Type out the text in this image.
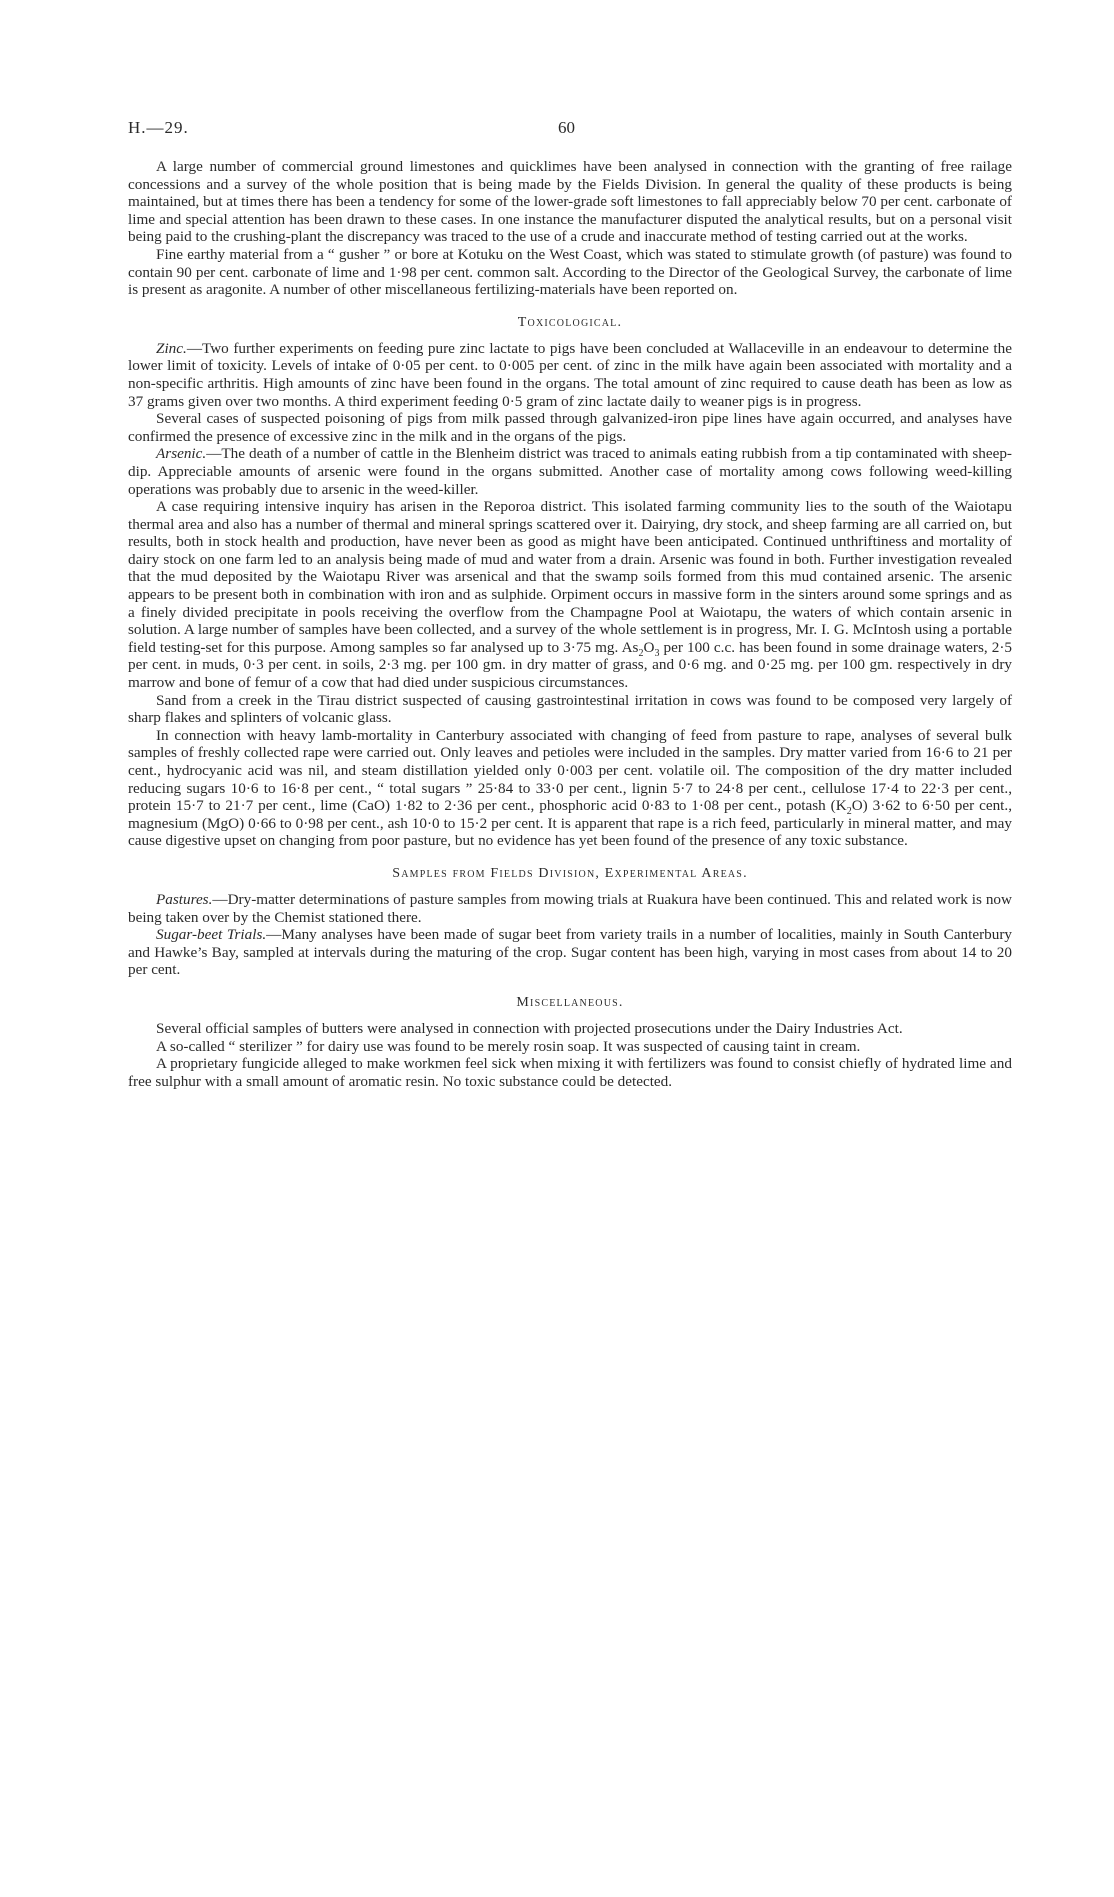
H.—29.	60

A large number of commercial ground limestones and quicklimes have been analysed in connection with the granting of free railage concessions and a survey of the whole position that is being made by the Fields Division. In general the quality of these products is being maintained, but at times there has been a tendency for some of the lower-grade soft limestones to fall appreciably below 70 per cent. carbonate of lime and special attention has been drawn to these cases. In one instance the manufacturer disputed the analytical results, but on a personal visit being paid to the crushing-plant the discrepancy was traced to the use of a crude and inaccurate method of testing carried out at the works.

Fine earthy material from a “ gusher ” or bore at Kotuku on the West Coast, which was stated to stimulate growth (of pasture) was found to contain 90 per cent. carbonate of lime and 1·98 per cent. common salt. According to the Director of the Geological Survey, the carbonate of lime is present as aragonite. A number of other miscellaneous fertilizing-materials have been reported on.

Toxicological.

Zinc.—Two further experiments on feeding pure zinc lactate to pigs have been concluded at Wallaceville in an endeavour to determine the lower limit of toxicity. Levels of intake of 0·05 per cent. to 0·005 per cent. of zinc in the milk have again been associated with mortality and a non-specific arthritis. High amounts of zinc have been found in the organs. The total amount of zinc required to cause death has been as low as 37 grams given over two months. A third experiment feeding 0·5 gram of zinc lactate daily to weaner pigs is in progress.

Several cases of suspected poisoning of pigs from milk passed through galvanized-iron pipe lines have again occurred, and analyses have confirmed the presence of excessive zinc in the milk and in the organs of the pigs.

Arsenic.—The death of a number of cattle in the Blenheim district was traced to animals eating rubbish from a tip contaminated with sheep-dip. Appreciable amounts of arsenic were found in the organs submitted. Another case of mortality among cows following weed-killing operations was probably due to arsenic in the weed-killer.

A case requiring intensive inquiry has arisen in the Reporoa district. This isolated farming community lies to the south of the Waiotapu thermal area and also has a number of thermal and mineral springs scattered over it. Dairying, dry stock, and sheep farming are all carried on, but results, both in stock health and production, have never been as good as might have been anticipated. Continued unthriftiness and mortality of dairy stock on one farm led to an analysis being made of mud and water from a drain. Arsenic was found in both. Further investigation revealed that the mud deposited by the Waiotapu River was arsenical and that the swamp soils formed from this mud contained arsenic. The arsenic appears to be present both in combination with iron and as sulphide. Orpiment occurs in massive form in the sinters around some springs and as a finely divided precipitate in pools receiving the overflow from the Champagne Pool at Waiotapu, the waters of which contain arsenic in solution. A large number of samples have been collected, and a survey of the whole settlement is in progress, Mr. I. G. McIntosh using a portable field testing-set for this purpose. Among samples so far analysed up to 3·75 mg. $As_2O_3$ per 100 c.c. has been found in some drainage waters, 2·5 per cent. in muds, 0·3 per cent. in soils, 2·3 mg. per 100 gm. in dry matter of grass, and 0·6 mg. and 0·25 mg. per 100 gm. respectively in dry marrow and bone of femur of a cow that had died under suspicious circumstances.

Sand from a creek in the Tirau district suspected of causing gastrointestinal irritation in cows was found to be composed very largely of sharp flakes and splinters of volcanic glass.

In connection with heavy lamb-mortality in Canterbury associated with changing of feed from pasture to rape, analyses of several bulk samples of freshly collected rape were carried out. Only leaves and petioles were included in the samples. Dry matter varied from 16·6 to 21 per cent., hydrocyanic acid was nil, and steam distillation yielded only 0·003 per cent. volatile oil. The composition of the dry matter included reducing sugars 10·6 to 16·8 per cent., “ total sugars ” 25·84 to 33·0 per cent., lignin 5·7 to 24·8 per cent., cellulose 17·4 to 22·3 per cent., protein 15·7 to 21·7 per cent., lime (CaO) 1·82 to 2·36 per cent., phosphoric acid 0·83 to 1·08 per cent., potash $(K_2O)$ 3·62 to 6·50 per cent., magnesium (MgO) 0·66 to 0·98 per cent., ash 10·0 to 15·2 per cent. It is apparent that rape is a rich feed, particularly in mineral matter, and may cause digestive upset on changing from poor pasture, but no evidence has yet been found of the presence of any toxic substance.

Samples from Fields Division, Experimental Areas.

Pastures.—Dry-matter determinations of pasture samples from mowing trials at Ruakura have been continued. This and related work is now being taken over by the Chemist stationed there.

Sugar-beet Trials.—Many analyses have been made of sugar beet from variety trails in a number of localities, mainly in South Canterbury and Hawke’s Bay, sampled at intervals during the maturing of the crop. Sugar content has been high, varying in most cases from about 14 to 20 per cent.

Miscellaneous.

Several official samples of butters were analysed in connection with projected prosecutions under the Dairy Industries Act.

A so-called “ sterilizer ” for dairy use was found to be merely rosin soap. It was suspected of causing taint in cream.

A proprietary fungicide alleged to make workmen feel sick when mixing it with fertilizers was found to consist chiefly of hydrated lime and free sulphur with a small amount of aromatic resin. No toxic substance could be detected.
